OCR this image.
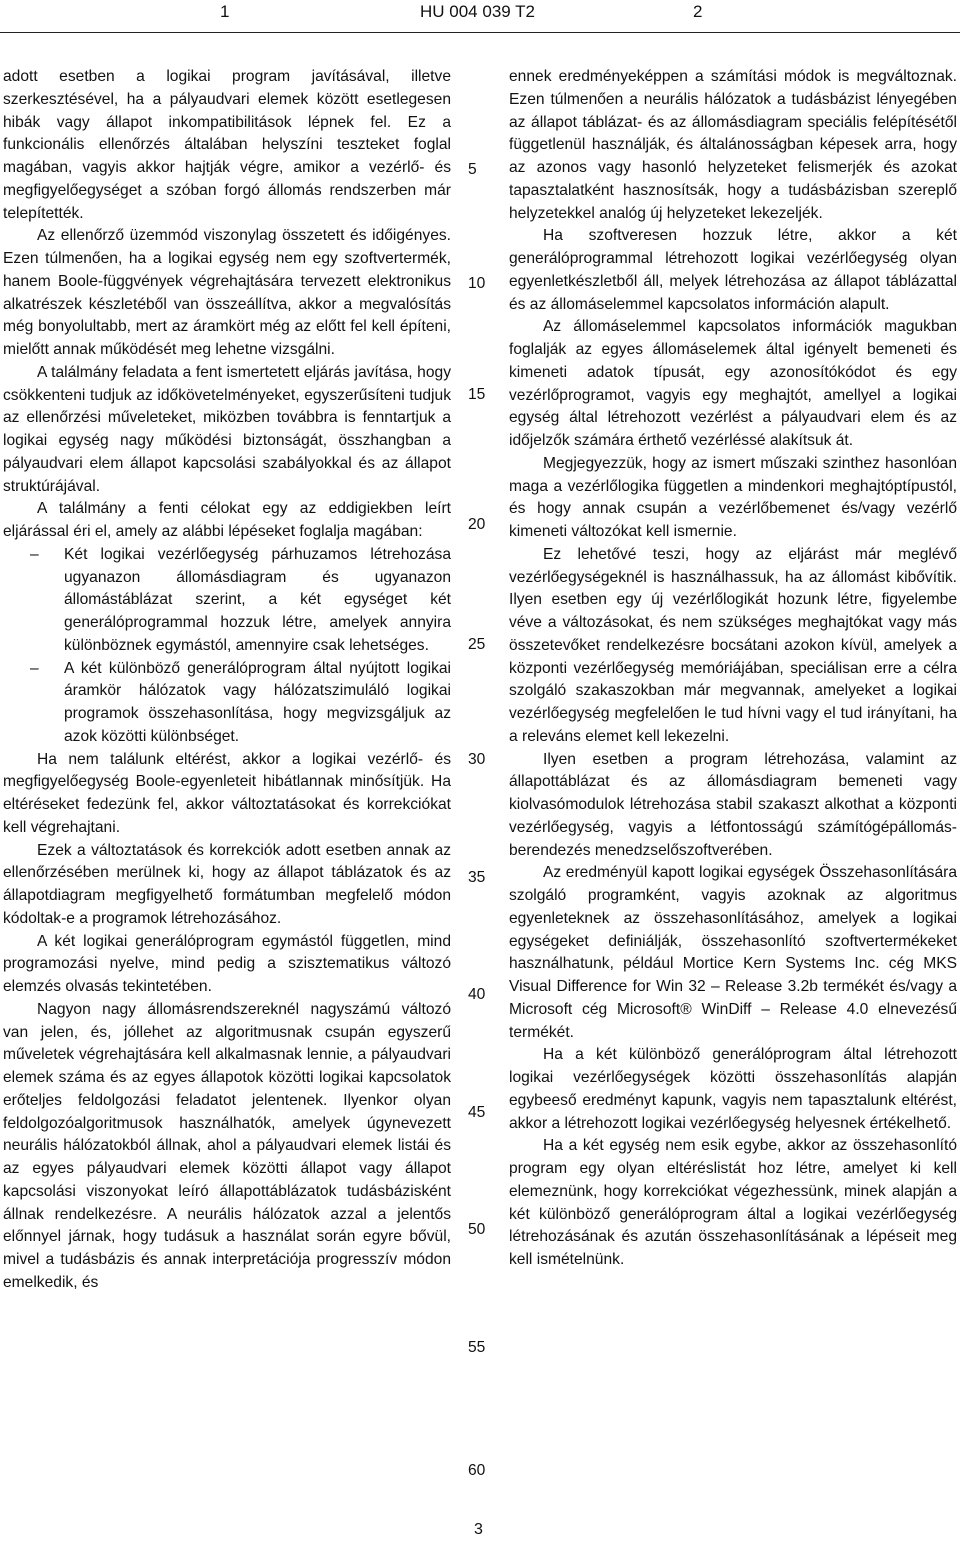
1	HU 004 039 T2	2

adott esetben a logikai program javításával, illetve szerkesztésével, ha a pályaudvari elemek között esetlegesen hibák vagy állapot inkompatibilitások lépnek fel. Ez a funkcionális ellenőrzés általában helyszíni teszteket foglal magában, vagyis akkor hajtják végre, amikor a vezérlő- és megfigyelőegységet a szóban forgó állomás rendszerben már telepítették.

Az ellenőrző üzemmód viszonylag összetett és időigényes. Ezen túlmenően, ha a logikai egység nem egy szoftvertermék, hanem Boole-függvények végrehajtására tervezett elektronikus alkatrészek készletéből van összeállítva, akkor a megvalósítás még bonyolultabb, mert az áramkört még az előtt fel kell építeni, mielőtt annak működését meg lehetne vizsgálni.

A találmány feladata a fent ismertetett eljárás javítása, hogy csökkenteni tudjuk az időkövetelményeket, egyszerűsíteni tudjuk az ellenőrzési műveleteket, miközben továbbra is fenntartjuk a logikai egység nagy működési biztonságát, összhangban a pályaudvari elem állapot kapcsolási szabályokkal és az állapot struktúrájával.

A találmány a fenti célokat egy az eddigiekben leírt eljárással éri el, amely az alábbi lépéseket foglalja magában:

– Két logikai vezérlőegység párhuzamos létrehozása ugyanazon állomásdiagram és ugyanazon állomástáblázat szerint, a két egységet két generálóprogrammal hozzuk létre, amelyek annyira különböznek egymástól, amennyire csak lehetséges.
– A két különböző generálóprogram által nyújtott logikai áramkör hálózatok vagy hálózatszimuláló logikai programok összehasonlítása, hogy megvizsgáljuk az azok közötti különbséget.

Ha nem találunk eltérést, akkor a logikai vezérlő- és megfigyelőegység Boole-egyenleteit hibátlannak minősítjük. Ha eltéréseket fedezünk fel, akkor változtatásokat és korrekciókat kell végrehajtani.

Ezek a változtatások és korrekciók adott esetben annak az ellenőrzésében merülnek ki, hogy az állapot táblázatok és az állapotdiagram megfigyelhető formátumban megfelelő módon kódoltak-e a programok létrehozásához.

A két logikai generálóprogram egymástól független, mind programozási nyelve, mind pedig a szisztematikus változó elemzés olvasás tekintetében.

Nagyon nagy állomásrendszereknél nagyszámú változó van jelen, és, jóllehet az algoritmusnak csupán egyszerű műveletek végrehajtására kell alkalmasnak lennie, a pályaudvari elemek száma és az egyes állapotok közötti logikai kapcsolatok erőteljes feldolgozási feladatot jelentenek. Ilyenkor olyan feldolgozóalgoritmusok használhatók, amelyek úgynevezett neurális hálózatokból állnak, ahol a pályaudvari elemek listái és az egyes pályaudvari elemek közötti állapot vagy állapot kapcsolási viszonyokat leíró állapottáblázatok tudásbázisként állnak rendelkezésre. A neurális hálózatok azzal a jelentős előnnyel járnak, hogy tudásuk a használat során egyre bővül, mivel a tudásbázis és annak interpretációja progresszív módon emelkedik, és

ennek eredményeképpen a számítási módok is megváltoznak. Ezen túlmenően a neurális hálózatok a tudásbázist lényegében az állapot táblázat- és az állomásdiagram speciális felépítésétől függetlenül használják, és általánosságban képesek arra, hogy az azonos vagy hasonló helyzeteket felismerjék és azokat tapasztalatként hasznosítsák, hogy a tudásbázisban szereplő helyzetekkel analóg új helyzeteket lekezeljék.

Ha szoftveresen hozzuk létre, akkor a két generálóprogrammal létrehozott logikai vezérlőegység olyan egyenletkészletből áll, melyek létrehozása az állapot táblázattal és az állomáselemmel kapcsolatos információn alapult.

Az állomáselemmel kapcsolatos információk magukban foglalják az egyes állomáselemek által igényelt bemeneti és kimeneti adatok típusát, egy azonosítókódot és egy vezérlőprogramot, vagyis egy meghajtót, amellyel a logikai egység által létrehozott vezérlést a pályaudvari elem és az időjelzők számára érthető vezérléssé alakítsuk át.

Megjegyezzük, hogy az ismert műszaki szinthez hasonlóan maga a vezérlőlogika független a mindenkori meghajtóptípustól, és hogy annak csupán a vezérlőbemenet és/vagy vezérlő kimeneti változókat kell ismernie.

Ez lehetővé teszi, hogy az eljárást már meglévő vezérlőegységeknél is használhassuk, ha az állomást kibővítik. Ilyen esetben egy új vezérlőlogikát hozunk létre, figyelembe véve a változásokat, és nem szükséges meghajtókat vagy más összetevőket rendelkezésre bocsátani azokon kívül, amelyek a központi vezérlőegység memóriájában, speciálisan erre a célra szolgáló szakaszokban már megvannak, amelyeket a logikai vezérlőegység megfelelően le tud hívni vagy el tud irányítani, ha a releváns elemet kell lekezelni.

Ilyen esetben a program létrehozása, valamint az állapottáblázat és az állomásdiagram bemeneti vagy kiolvasómodulok létrehozása stabil szakaszt alkothat a központi vezérlőegység, vagyis a létfontosságú számítógépállomás-berendezés menedzselőszoftverében.

Az eredményül kapott logikai egységek Összehasonlítására szolgáló programként, vagyis azoknak az algoritmus egyenleteknek az összehasonlításához, amelyek a logikai egységeket definiálják, összehasonlító szoftvertermékeket használhatunk, például Mortice Kern Systems Inc. cég MKS Visual Difference for Win 32 – Release 3.2b termékét és/vagy a Microsoft cég Microsoft® WinDiff – Release 4.0 elnevezésű termékét.

Ha a két különböző generálóprogram által létrehozott logikai vezérlőegységek közötti összehasonlítás alapján egybeeső eredményt kapunk, vagyis nem tapasztalunk eltérést, akkor a létrehozott logikai vezérlőegység helyesnek értékelhető.

Ha a két egység nem esik egybe, akkor az összehasonlító program egy olyan eltéréslistát hoz létre, amelyet ki kell elemeznünk, hogy korrekciókat végezhessünk, minek alapján a két különböző generálóprogram által a logikai vezérlőegység létrehozásának és azután összehasonlításának a lépéseit meg kell ismételnünk.

5
10
15
20
25
30
35
40
45
50
55
60
3
